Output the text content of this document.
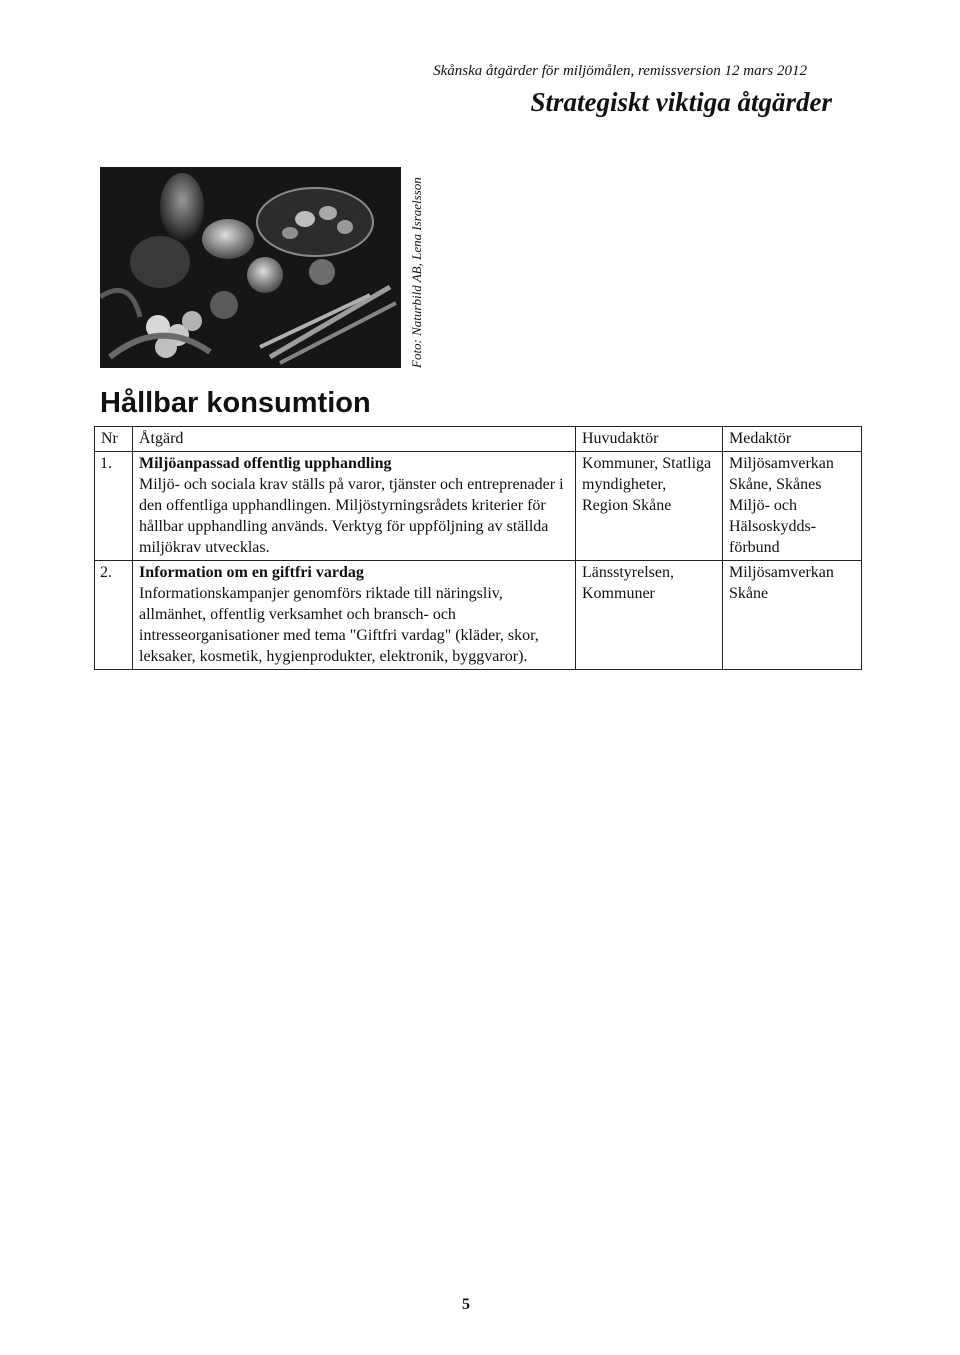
Skånska åtgärder för miljömålen, remissversion 12 mars 2012
Strategiskt viktiga åtgärder
Foto: Naturbild AB, Lena Israelsson
Hållbar konsumtion
Nr	Åtgärd	Huvudaktör	Medaktör
1.	Miljöanpassad offentlig upphandling
Miljö- och sociala krav ställs på varor, tjänster och entreprenader i den offentliga upphandlingen. Miljöstyrningsrådets kriterier för hållbar upphandling används. Verktyg för uppföljning av ställda miljökrav utvecklas.	Kommuner, Statliga myndigheter, Region Skåne	Miljösamverkan Skåne, Skånes Miljö- och Hälsoskydds-förbund
2.	Information om en giftfri vardag
Informationskampanjer genomförs riktade till näringsliv, allmänhet, offentlig verksamhet och bransch- och intresseorganisationer med tema "Giftfri vardag" (kläder, skor, leksaker, kosmetik, hygienprodukter, elektronik, byggvaror).	Länsstyrelsen, Kommuner	Miljösamverkan Skåne
5
